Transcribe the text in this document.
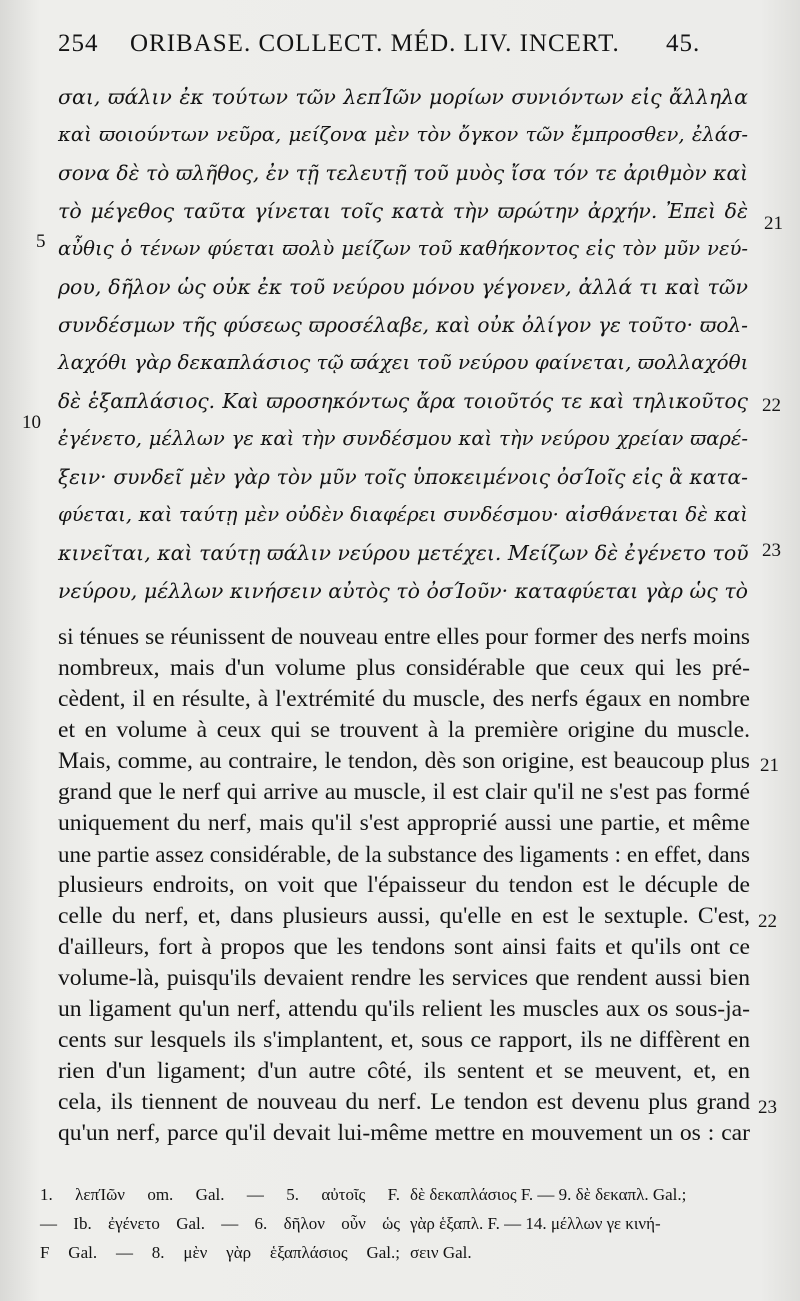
254 ORIBASE. COLLECT. MÉD. LIV. INCERT. 45.
σαι, ϖάλιν ἐκ τούτων τῶν λεπΊῶν μορίων συνιόντων εἰς ἄλληλα
καὶ ϖοιούντων νεῦρα, μείζονα μὲν τὸν ὄγκον τῶν ἔμπροσθεν, ἐλάσ-
σονα δὲ τὸ ϖλῆθος, ἐν τῇ τελευτῇ τοῦ μυὸς ἴσα τόν τε ἀριθμὸν καὶ
τὸ μέγεθος ταῦτα γίνεται τοῖς κατὰ τὴν ϖρώτην ἀρχήν. Ἐπεὶ δὲ
αὖθις ὁ τένων φύεται ϖολὺ μείζων τοῦ καθήκοντος εἰς τὸν μῦν νεύ-
ρου, δῆλον ὡς οὐκ ἐκ τοῦ νεύρου μόνου γέγονεν, ἀλλά τι καὶ τῶν
συνδέσμων τῆς φύσεως ϖροσέλαβε, καὶ οὐκ ὀλίγον γε τοῦτο· ϖολ-
λαχόθι γὰρ δεκαπλάσιος τῷ ϖάχει τοῦ νεύρου φαίνεται, ϖολλαχόθι
δὲ ἑξαπλάσιος. Καὶ ϖροσηκόντως ἄρα τοιοῦτός τε καὶ τηλικοῦτος
ἐγένετο, μέλλων γε καὶ τὴν συνδέσμου καὶ τὴν νεύρου χρείαν ϖαρέ-
ξειν· συνδεῖ μὲν γὰρ τὸν μῦν τοῖς ὑποκειμένοις ὀσΊοῖς εἰς ἃ κατα-
φύεται, καὶ ταύτῃ μὲν οὐδὲν διαφέρει συνδέσμου· αἰσθάνεται δὲ καὶ
κινεῖται, καὶ ταύτῃ ϖάλιν νεύρου μετέχει. Μείζων δὲ ἐγένετο τοῦ
νεύρου, μέλλων κινήσειν αὐτὸς τὸ ὀσΊοῦν· καταφύεται γὰρ ὡς τὸ
5
10
21
22
23
si ténues se réunissent de nouveau entre elles pour former des nerfs moins
nombreux, mais d'un volume plus considérable que ceux qui les pré-
cèdent, il en résulte, à l'extrémité du muscle, des nerfs égaux en nombre
et en volume à ceux qui se trouvent à la première origine du muscle.
Mais, comme, au contraire, le tendon, dès son origine, est beaucoup plus
grand que le nerf qui arrive au muscle, il est clair qu'il ne s'est pas formé
uniquement du nerf, mais qu'il s'est approprié aussi une partie, et même
une partie assez considérable, de la substance des ligaments : en effet, dans
plusieurs endroits, on voit que l'épaisseur du tendon est le décuple de
celle du nerf, et, dans plusieurs aussi, qu'elle en est le sextuple. C'est,
d'ailleurs, fort à propos que les tendons sont ainsi faits et qu'ils ont ce
volume-là, puisqu'ils devaient rendre les services que rendent aussi bien
un ligament qu'un nerf, attendu qu'ils relient les muscles aux os sous-ja-
cents sur lesquels ils s'implantent, et, sous ce rapport, ils ne diffèrent en
rien d'un ligament; d'un autre côté, ils sentent et se meuvent, et, en
cela, ils tiennent de nouveau du nerf. Le tendon est devenu plus grand
qu'un nerf, parce qu'il devait lui-même mettre en mouvement un os : car
21
22
23
1. λεπΊῶν om. Gal. — 5. αὐτοῖς F.
— Ib. ἐγένετο Gal. — 6. δῆλον οὖν ὡς
F Gal. — 8. μὲν γὰρ ἑξαπλάσιος Gal.;
δὲ δεκαπλάσιος F. — 9. δὲ δεκαπλ. Gal.;
γὰρ ἑξαπλ. F. — 14. μέλλων γε κινή-
σειν Gal.
